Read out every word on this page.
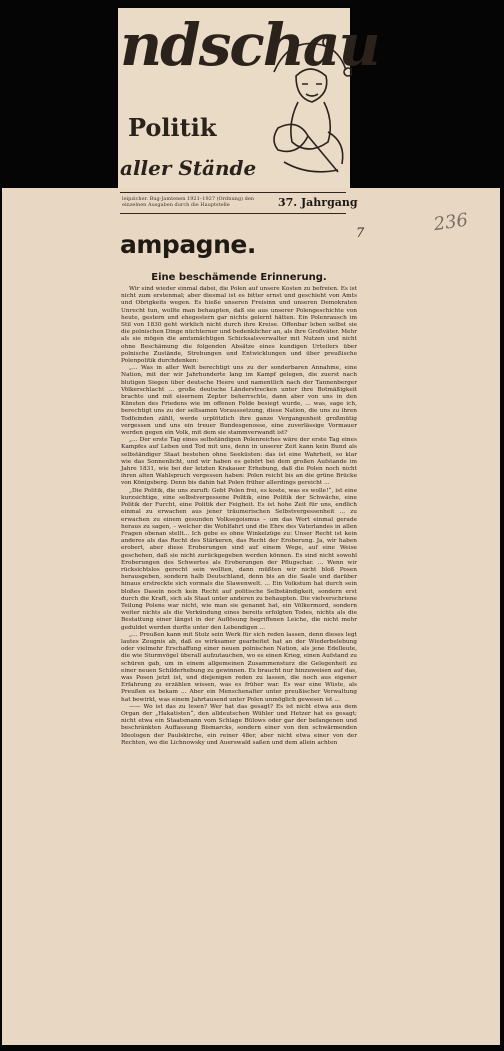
ndschau
Politik
aller Stände
leipzicher. Bug-Jamtenen 1921–1927 (Ordnung) den einzelnen Ausgaben durch die Hauptstelle	37. Jahrgang
7	236
ampagne.
Eine beschämende Erinnerung.

Wir sind wieder einmal dabei, die Polen auf unsere Kosten zu befreien. Es ist nicht zum erstenmal; aber diesmal ist es bitter ernst und geschieht von Amts und Obrigkeits wegen. Es hieße unseren Freisinn und unseren Demokraten Unrecht tun, wollte man behaupten, daß sie aus unserer Polengeschichte von heute, gestern und ehegestern gar nichts gelernt hätten. Ein Polenrausch im Stil von 1830 geht wirklich nicht durch ihre Kreise. Offenbar leben selbst sie die polnischen Dinge nüchterner und bedenklicher an, als ihre Großväter. Mehr als sie mögen die amtsmächtigen Schicksalsverwalter mit Nutzen und nicht ohne Beschämung die folgenden Absätze eines kundigen Urteilers über polnische Zustände, Strebungen und Entwicklungen und über preußische Polenpolitik durchdenken:

„... Was in aller Welt berechtigt uns zu der sonderbaren Annahme, eine Nation, mit der wir Jahrhunderte lang im Kampf gelegen, die zuerst nach blutigen Siegen über deutsche Heere und namentlich nach der Tannenberger Völkerschlacht ... große deutsche Länderstrecken unter ihre Botmäßigkeit brachte und mit eisernem Zepter beherrschte, dann aber von uns in den Künsten des Friedens wie im offenen Felde besiegt wurde, ... was, sage ich, berechtigt uns zu der seltsamen Voraussetzung, diese Nation, die uns zu ihren Todfeinden zählt, werde urplötzlich ihre ganze Vergangenheit großmütig vergessen und uns ein treuer Bundesgenosse, eine zuverlässige Vormauer werden gegen ein Volk, mit dem sie stammverwandt ist?

„... Der erste Tag eines selbständigen Polenreiches wäre der erste Tag eines Kampfes auf Leben und Tod mit uns, denn in unserer Zeit kann kein Bund als selbständiger Staat bestehen ohne Seeküsten: das ist eine Wahrheit, so klar wie das Sonnenlicht, und wir haben es gehört bei dem großen Aufstande im Jahre 1831, wie bei der letzten Krakauer Erhebung, daß die Polen noch nicht ihren alten Wahlspruch vergessen haben: Polen reicht bis an die grüne Brücke von Königsberg. Denn bis dahin hat Polen früher allerdings gereicht ...

„Die Politik, die uns zuruft: Gebt Polen frei, es koste, was es wolle!“, ist eine kurzsichtige, eine selbstvergessene Politik, eine Politik der Schwäche, eine Politik der Furcht, eine Politik der Feigheit. Es ist hohe Zeit für uns, endlich einmal zu erwachen aus jener träumerischen Selbstvergessenheit ... zu erwachen zu einem gesunden Volksegoismus – um das Wort einmal gerade heraus zu sagen, – welcher die Wohlfahrt und die Ehre des Vaterlandes in allen Fragen obenan stellt... Ich gebe es ohne Winkelzüge zu: Unser Recht ist kein anderes als das Recht des Stärkeren, das Recht der Eroberung. Ja, wir haben erobert, aber diese Eroberungen sind auf einem Wege, auf eine Weise geschehen, daß sie nicht zurückgegeben werden können. Es sind nicht sowohl Eroberungen des Schwertes als Eroberungen der Pflugschar. ... Wenn wir rücksichtslos gerecht sein wollten, dann müßten wir nicht bloß Posen herausgeben, sondern halb Deutschland, denn bis an die Saale und darüber hinaus erstreckte sich vormals die Slawenwelt. ... Ein Volkstum hat durch sein bloßes Dasein noch kein Recht auf politische Selbständigkeit, sondern erst durch die Kraft, sich als Staat unter anderen zu behaupten. Die vielverschriene Teilung Polens war nicht, wie man sie genannt hat, ein Völkermord, sondern weiter nichts als die Verkündung eines bereits erfolgten Todes, nichts als die Bestattung einer längst in der Auflösung begriffenen Leiche, die nicht mehr geduldet werden durfte unter den Lebendigen ...

„... Preußen kann mit Stolz sein Werk für sich reden lassen, denn dieses legt lautes Zeugnis ab, daß es wirksamer gearbeitet hat an der Wiederbelebung oder vielmehr Erschaffung einer neuen polnischen Nation, als jene Edelleute, die wie Sturmvögel überall aufzutauchen, wo es einen Krieg, einen Aufstand zu schüren gab, um in einem allgemeinen Zusammensturz die Gelegenheit zu einer neuen Schilderhebung zu gewinnen. Es braucht nur hinzuweisen auf das, was Posen jetzt ist, und diejenigen reden zu lassen, die noch aus eigener Erfahrung zu erzählen wissen, was es früher war. Es war eine Wüste, als Preußen es bekam ... Aber ein Menschenalter unter preußischer Verwaltung hat bewirkt, was einem Jahrtausend unter Polen unmöglich gewesen ist ...

—— Wo ist das zu lesen? Wer hat das gesagt? Es ist nicht etwa aus dem Organ der „Hakatisten“, den alldeutschen Wühler und Hetzer hat es gesagt; nicht etwa ein Staatsmann vom Schlage Bülows oder gar der befangenen und beschränkten Auffassung Bismarcks, sondern einer von den schwärmenden Ideologen der Paulskirche, ein reiner 48er, aber nicht etwa einer von der Rechten, wo die Lichnowsky und Auerswald saßen und dem allein achten
